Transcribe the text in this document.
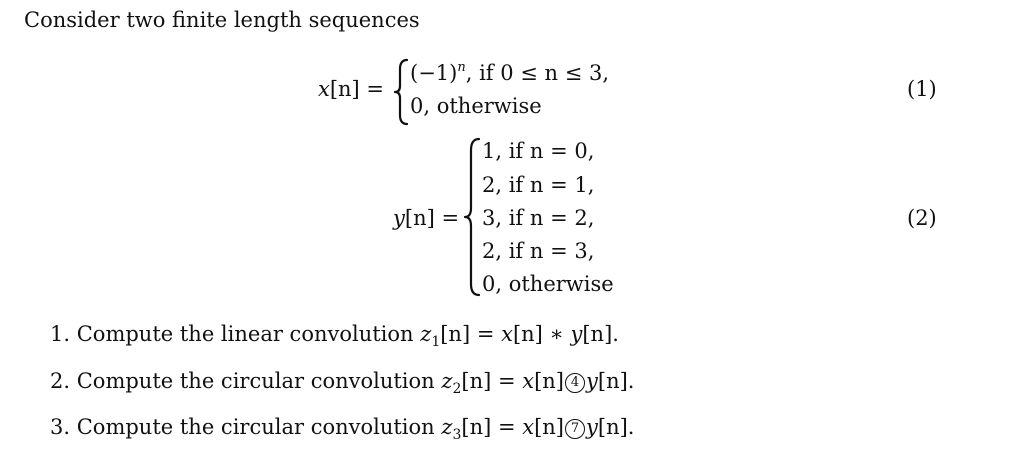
Consider two finite length sequences
x[n] =
$(-1)^n$, if 0 ≤ n ≤ 3,
0, otherwise
(1)
y[n] =
1, if n = 0,
2, if n = 1,
3, if n = 2,
2, if n = 3,
0, otherwise
(2)
1. Compute the linear convolution $z_1[n] = x[n]$ ∗ y[n].
2. Compute the circular convolution $z_2[n] = x[n]$ 4 y[n].
3. Compute the circular convolution $z_3[n] = x[n]$ 7 y[n].
